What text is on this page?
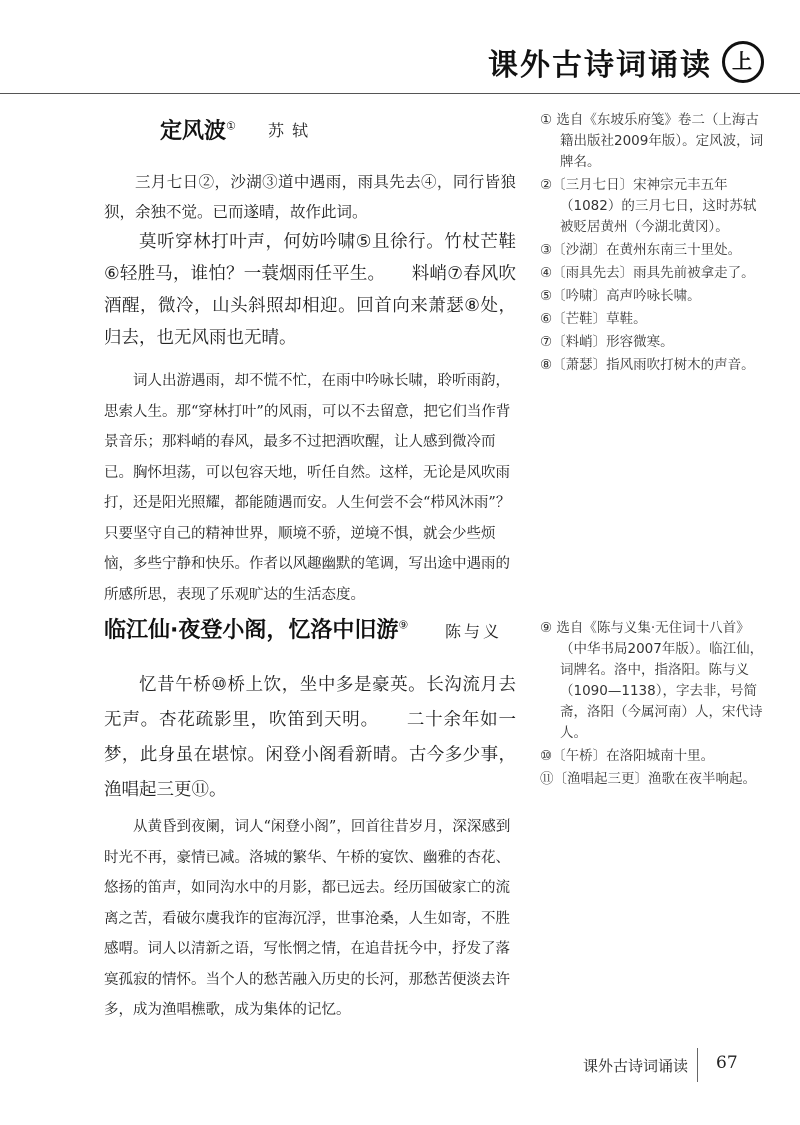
课外古诗词诵读	上
定风波① 苏轼
三月七日②，沙湖③道中遇雨，雨具先去④，同行皆狼狈，余独不觉。已而遂晴，故作此词。
莫听穿林打叶声，何妨吟啸⑤且徐行。竹杖芒鞋⑥轻胜马，谁怕？一蓑烟雨任平生。　　料峭⑦春风吹酒醒，微冷，山头斜照却相迎。回首向来萧瑟⑧处，归去，也无风雨也无晴。
词人出游遇雨，却不慌不忙，在雨中吟咏长啸，聆听雨韵，思索人生。那“穿林打叶”的风雨，可以不去留意，把它们当作背景音乐；那料峭的春风，最多不过把酒吹醒，让人感到微冷而已。胸怀坦荡，可以包容天地，听任自然。这样，无论是风吹雨打，还是阳光照耀，都能随遇而安。人生何尝不会“栉风沐雨”？只要坚守自己的精神世界，顺境不骄，逆境不惧，就会少些烦恼，多些宁静和快乐。作者以风趣幽默的笔调，写出途中遇雨的所感所思，表现了乐观旷达的生活态度。
① 选自《东坡乐府笺》卷二（上海古籍出版社2009年版）。定风波，词牌名。
②〔三月七日〕宋神宗元丰五年（1082）的三月七日，这时苏轼被贬居黄州（今湖北黄冈）。
③〔沙湖〕在黄州东南三十里处。
④〔雨具先去〕雨具先前被拿走了。
⑤〔吟啸〕高声吟咏长啸。
⑥〔芒鞋〕草鞋。
⑦〔料峭〕形容微寒。
⑧〔萧瑟〕指风雨吹打树木的声音。
临江仙·夜登小阁，忆洛中旧游⑨ 陈与义
忆昔午桥⑩桥上饮，坐中多是豪英。长沟流月去无声。杏花疏影里，吹笛到天明。　　二十余年如一梦，此身虽在堪惊。闲登小阁看新晴。古今多少事，渔唱起三更⑪。
从黄昏到夜阑，词人“闲登小阁”，回首往昔岁月，深深感到时光不再，豪情已减。洛城的繁华、午桥的宴饮、幽雅的杏花、悠扬的笛声，如同沟水中的月影，都已远去。经历国破家亡的流离之苦，看破尔虞我诈的宦海沉浮，世事沧桑，人生如寄，不胜感喟。词人以清新之语，写怅惘之情，在追昔抚今中，抒发了落寞孤寂的情怀。当个人的愁苦融入历史的长河，那愁苦便淡去许多，成为渔唱樵歌，成为集体的记忆。
⑨ 选自《陈与义集·无住词十八首》（中华书局2007年版）。临江仙，词牌名。洛中，指洛阳。陈与义（1090—1138），字去非，号简斋，洛阳（今属河南）人，宋代诗人。
⑩〔午桥〕在洛阳城南十里。
⑪〔渔唱起三更〕渔歌在夜半响起。
课外古诗词诵读 67
